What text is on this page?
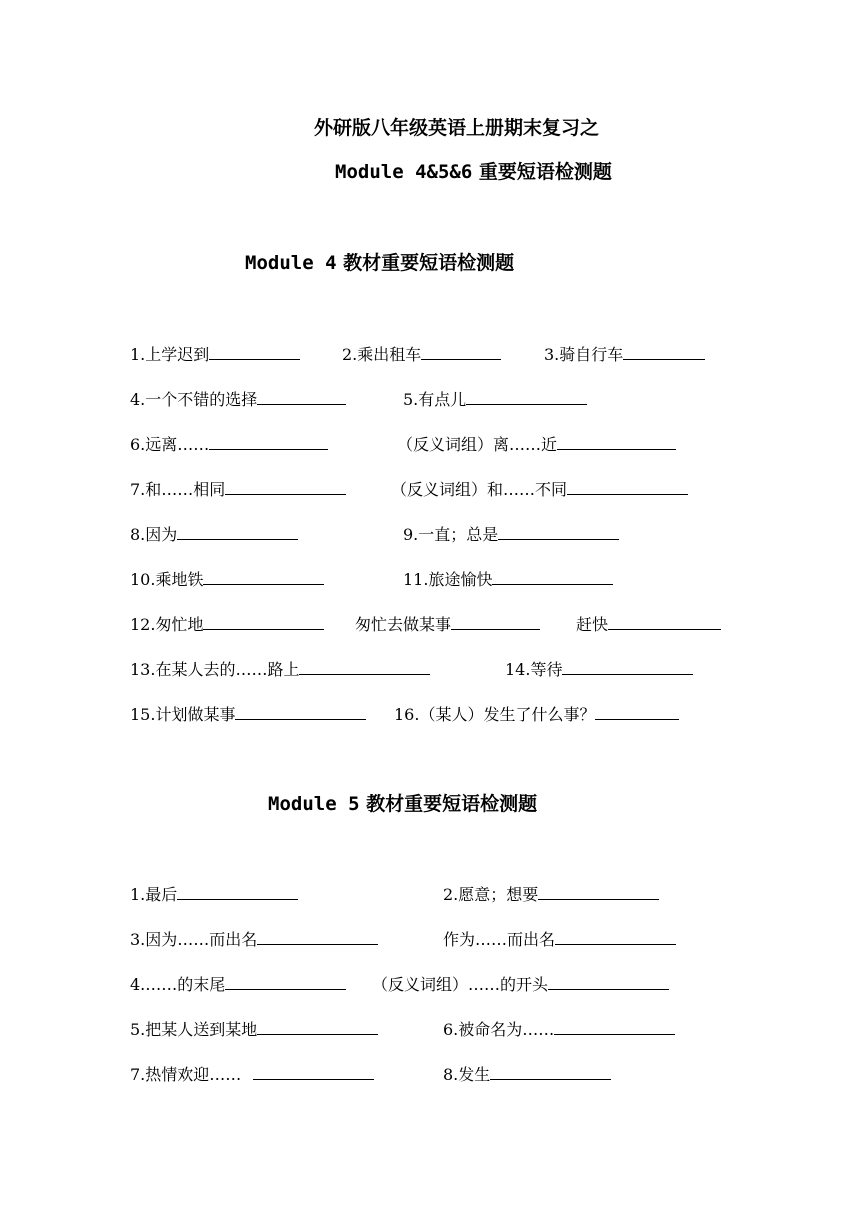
外研版八年级英语上册期末复习之
Module 4&5&6 重要短语检测题
Module 4 教材重要短语检测题
1.上学迟到	2.乘出租车	3.骑自行车
4.一个不错的选择	5.有点儿
6.远离……	（反义词组）离……近
7.和……相同	（反义词组）和……不同
8.因为	9.一直；总是
10.乘地铁	11.旅途愉快
12.匆忙地	匆忙去做某事	赶快
13.在某人去的……路上	14.等待
15.计划做某事	16.（某人）发生了什么事？
Module 5 教材重要短语检测题
1.最后	2.愿意；想要
3.因为……而出名	作为……而出名
4.……的末尾	（反义词组）……的开头
5.把某人送到某地	6.被命名为……
7.热情欢迎……	8.发生
